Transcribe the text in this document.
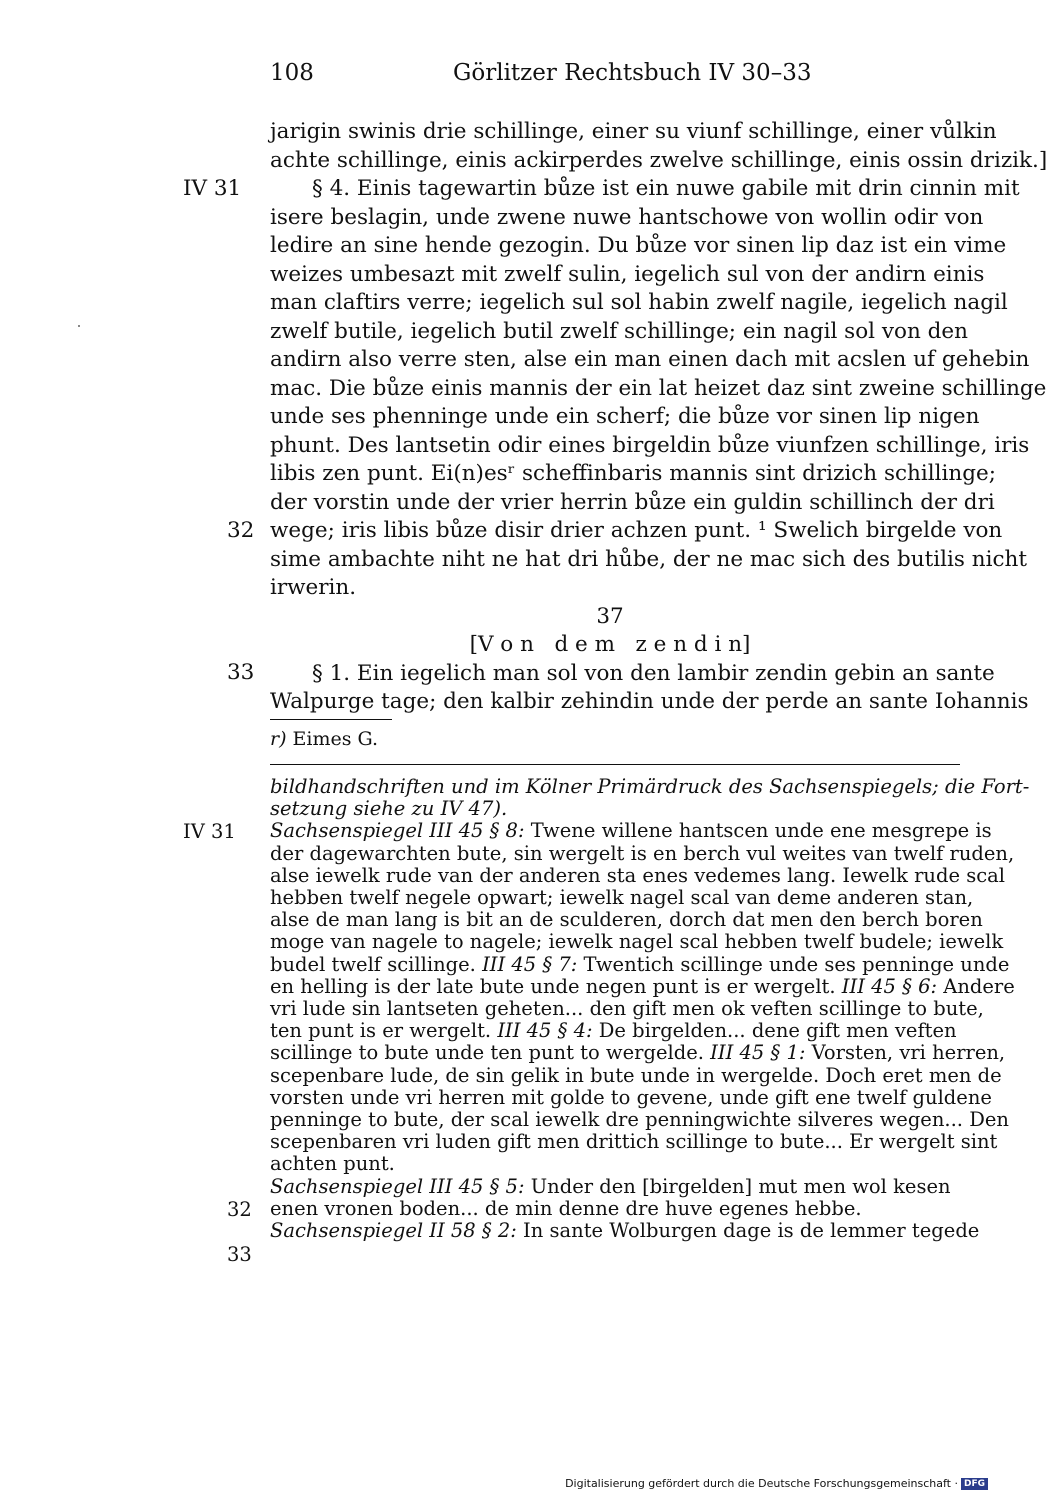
108	Görlitzer Rechtsbuch IV 30–33
IV 31
32
33
jarigin swinis drie schillinge, einer su viunf schillinge, einer vůlkin
achte schillinge, einis ackirperdes zwelve schillinge, einis ossin drizik.]
§ 4. Einis tagewartin bůze ist ein nuwe gabile mit drin cinnin mit
isere beslagin, unde zwene nuwe hantschowe von wollin odir von
ledire an sine hende gezogin. Du bůze vor sinen lip daz ist ein vime
weizes umbesazt mit zwelf sulin, iegelich sul von der andirn einis
man claftirs verre; iegelich sul sol habin zwelf nagile, iegelich nagil
zwelf butile, iegelich butil zwelf schillinge; ein nagil sol von den
andirn also verre sten, alse ein man einen dach mit acslen uf gehebin
mac. Die bůze einis mannis der ein lat heizet daz sint zweine schillinge
unde ses phenninge unde ein scherf; die bůze vor sinen lip nigen
phunt. Des lantsetin odir eines birgeldin bůze viunfzen schillinge, iris
libis zen punt. Ei(n)esʳ scheffinbaris mannis sint drizich schillinge;
der vorstin unde der vrier herrin bůze ein guldin schillinch der dri
wege; iris libis bůze disir drier achzen punt. ¹ Swelich birgelde von
sime ambachte niht ne hat dri hůbe, der ne mac sich des butilis nicht
irwerin.
37
[V o n   d e m   z e n d i n]
§ 1. Ein iegelich man sol von den lambir zendin gebin an sante
Walpurge tage; den kalbir zehindin unde der perde an sante Iohannis
r) Eimes G.
IV 31
32
33
bildhandschriften und im Kölner Primärdruck des Sachsenspiegels; die Fort-
setzung siehe zu IV 47).
Sachsenspiegel III 45 § 8: Twene willene hantscen unde ene mesgrepe is
der dagewarchten bute, sin wergelt is en berch vul weites van twelf ruden,
alse iewelk rude van der anderen sta enes vedemes lang. Iewelk rude scal
hebben twelf negele opwart; iewelk nagel scal van deme anderen stan,
alse de man lang is bit an de sculderen, dorch dat men den berch boren
moge van nagele to nagele; iewelk nagel scal hebben twelf budele; iewelk
budel twelf scillinge. III 45 § 7: Twentich scillinge unde ses penninge unde
en helling is der late bute unde negen punt is er wergelt. III 45 § 6: Andere
vri lude sin lantseten geheten... den gift men ok veften scillinge to bute,
ten punt is er wergelt. III 45 § 4: De birgelden... dene gift men veften
scillinge to bute unde ten punt to wergelde. III 45 § 1: Vorsten, vri herren,
scepenbare lude, de sin gelik in bute unde in wergelde. Doch eret men de
vorsten unde vri herren mit golde to gevene, unde gift ene twelf guldene
penninge to bute, der scal iewelk dre penningwichte silveres wegen... Den
scepenbaren vri luden gift men drittich scillinge to bute... Er wergelt sint
achten punt.
Sachsenspiegel III 45 § 5: Under den [birgelden] mut men wol kesen
enen vronen boden... de min denne dre huve egenes hebbe.
Sachsenspiegel II 58 § 2: In sante Wolburgen dage is de lemmer tegede
Digitalisierung gefördert durch die Deutsche Forschungsgemeinschaft · DFG
